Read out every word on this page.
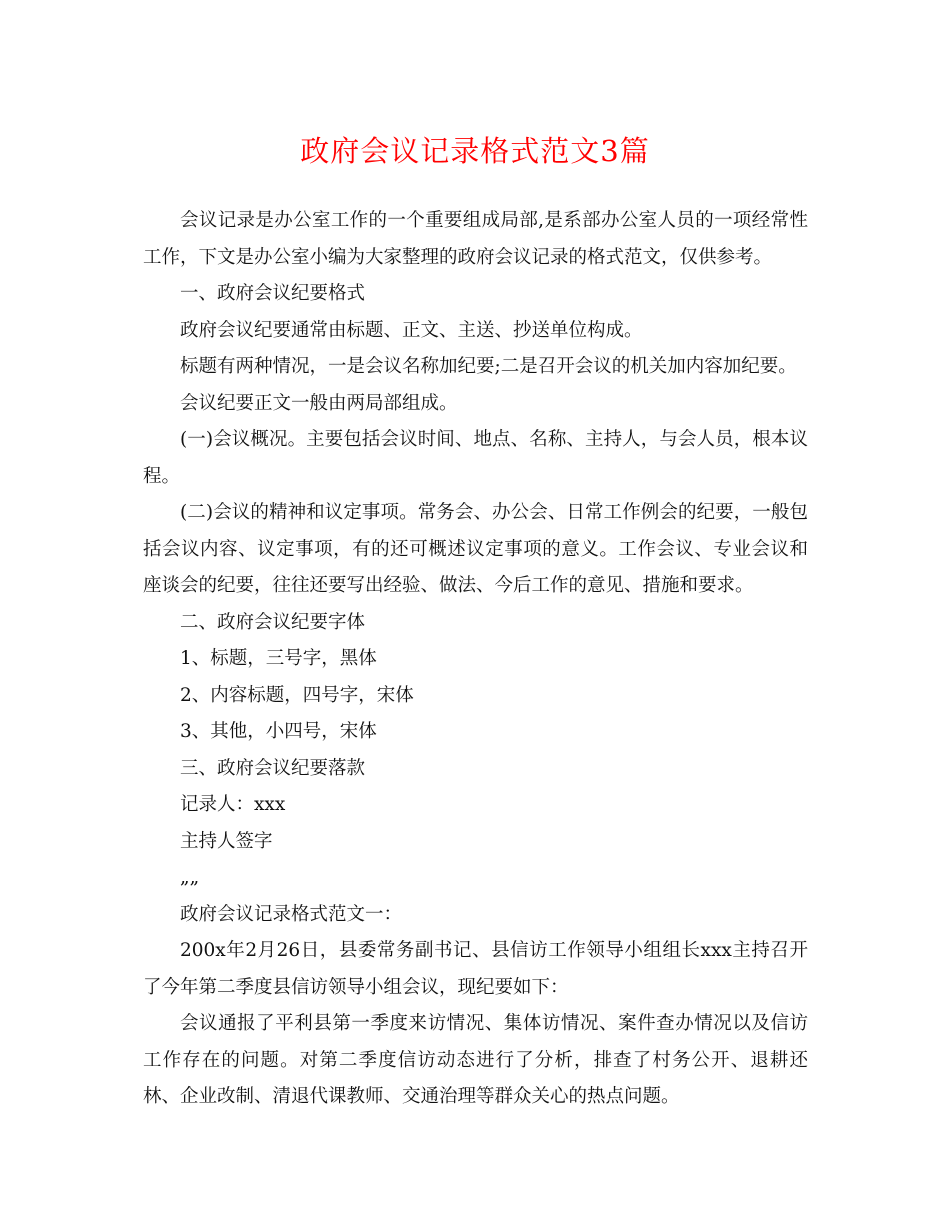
政府会议记录格式范文3篇

会议记录是办公室工作的一个重要组成局部,是系部办公室人员的一项经常性工作，下文是办公室小编为大家整理的政府会议记录的格式范文，仅供参考。

一、政府会议纪要格式

政府会议纪要通常由标题、正文、主送、抄送单位构成。

标题有两种情况，一是会议名称加纪要;二是召开会议的机关加内容加纪要。

会议纪要正文一般由两局部组成。

(一)会议概况。主要包括会议时间、地点、名称、主持人，与会人员，根本议程。

(二)会议的精神和议定事项。常务会、办公会、日常工作例会的纪要，一般包括会议内容、议定事项，有的还可概述议定事项的意义。工作会议、专业会议和座谈会的纪要，往往还要写出经验、做法、今后工作的意见、措施和要求。

二、政府会议纪要字体

1、标题，三号字，黑体

2、内容标题，四号字，宋体

3、其他，小四号，宋体

三、政府会议纪要落款

记录人：xxx

主持人签字

„„

政府会议记录格式范文一：

200x年2月26日，县委常务副书记、县信访工作领导小组组长xxx主持召开了今年第二季度县信访领导小组会议，现纪要如下：

会议通报了平利县第一季度来访情况、集体访情况、案件查办情况以及信访工作存在的问题。对第二季度信访动态进行了分析，排查了村务公开、退耕还林、企业改制、清退代课教师、交通治理等群众关心的热点问题。
